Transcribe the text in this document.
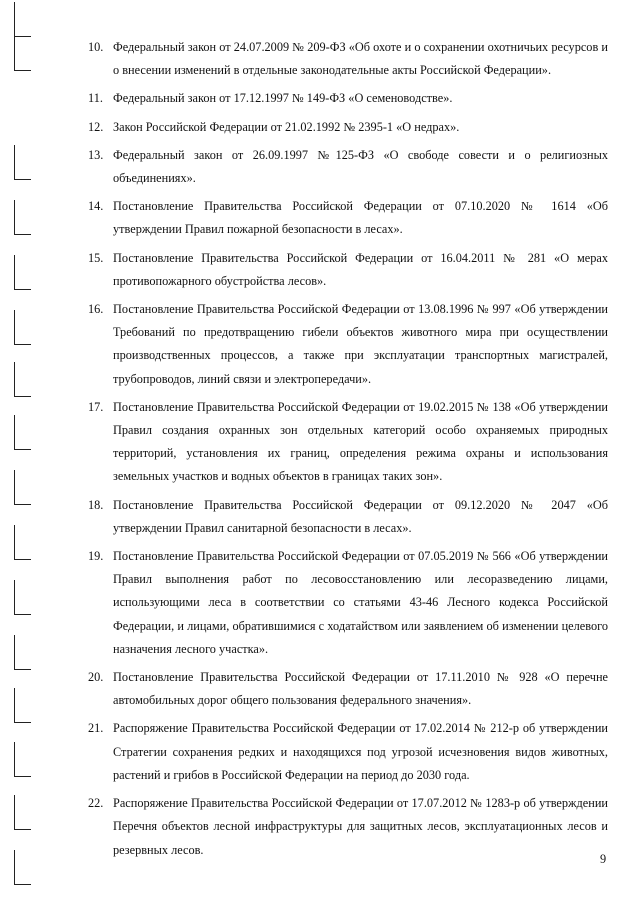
10. Федеральный закон от 24.07.2009 № 209-ФЗ «Об охоте и о сохранении охотничьих ресурсов и о внесении изменений в отдельные законодательные акты Российской Федерации».
11. Федеральный закон от 17.12.1997 № 149-ФЗ «О семеноводстве».
12. Закон Российской Федерации от 21.02.1992 № 2395-1 «О недрах».
13. Федеральный закон от 26.09.1997 №125-ФЗ «О свободе совести и о религиозных объединениях».
14. Постановление Правительства Российской Федерации от 07.10.2020 № 1614 «Об утверждении Правил пожарной безопасности в лесах».
15. Постановление Правительства Российской Федерации от 16.04.2011 № 281 «О мерах противопожарного обустройства лесов».
16. Постановление Правительства Российской Федерации от 13.08.1996 № 997 «Об утверждении Требований по предотвращению гибели объектов животного мира при осуществлении производственных процессов, а также при эксплуатации транспортных магистралей, трубопроводов, линий связи и электропередачи».
17. Постановление Правительства Российской Федерации от 19.02.2015 № 138 «Об утверждении Правил создания охранных зон отдельных категорий особо охраняемых природных территорий, установления их границ, определения режима охраны и использования земельных участков и водных объектов в границах таких зон».
18. Постановление Правительства Российской Федерации от 09.12.2020 № 2047 «Об утверждении Правил санитарной безопасности в лесах».
19. Постановление Правительства Российской Федерации от 07.05.2019 № 566 «Об утверждении Правил выполнения работ по лесовосстановлению или лесоразведению лицами, использующими леса в соответствии со статьями 43-46 Лесного кодекса Российской Федерации, и лицами, обратившимися с ходатайством или заявлением об изменении целевого назначения лесного участка».
20. Постановление Правительства Российской Федерации от 17.11.2010 № 928 «О перечне автомобильных дорог общего пользования федерального значения».
21. Распоряжение Правительства Российской Федерации от 17.02.2014 № 212-р об утверждении Стратегии сохранения редких и находящихся под угрозой исчезновения видов животных, растений и грибов в Российской Федерации на период до 2030 года.
22. Распоряжение Правительства Российской Федерации от 17.07.2012 № 1283-р об утверждении Перечня объектов лесной инфраструктуры для защитных лесов, эксплуатационных лесов и резервных лесов.
9
